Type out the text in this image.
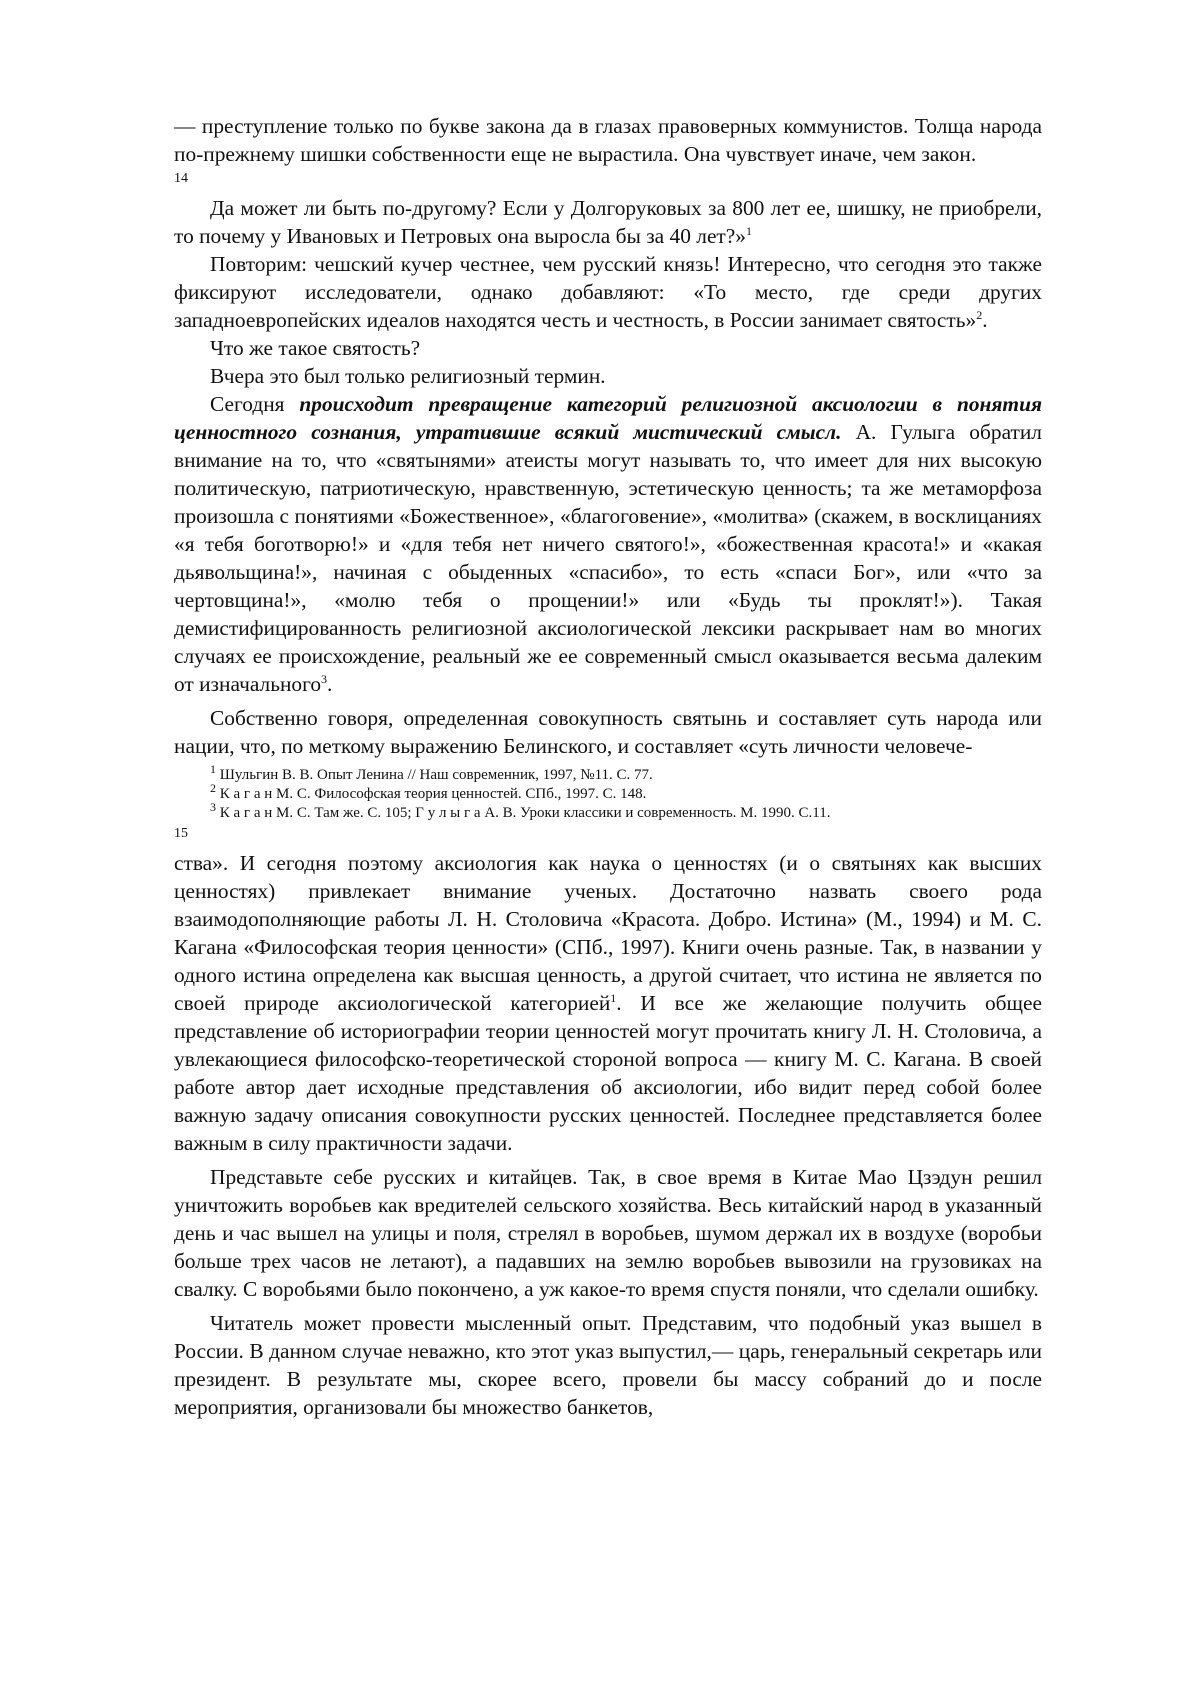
— преступление только по букве закона да в глазах правоверных коммунистов. Толща народа по-прежнему шишки собственности еще не вырастила. Она чувствует иначе, чем закон.

14

Да может ли быть по-другому? Если у Долгоруковых за 800 лет ее, шишку, не приобрели, то почему у Ивановых и Петровых она выросла бы за 40 лет?»$^1$

Повторим: чешский кучер честнее, чем русский князь! Интересно, что сегодня это также фиксируют исследователи, однако добавляют: «То место, где среди других западноевропейских идеалов находятся честь и честность, в России занимает святость»$^2$.

Что же такое святость?

Вчера это был только религиозный термин.

Сегодня происходит превращение категорий религиозной аксиологии в понятия ценностного сознания, утратившие всякий мистический смысл. А. Гулыга обратил внимание на то, что «святынями» атеисты могут называть то, что имеет для них высокую политическую, патриотическую, нравственную, эстетическую ценность; та же метаморфоза произошла с понятиями «Божественное», «благоговение», «молитва» (скажем, в восклицаниях «я тебя боготворю!» и «для тебя нет ничего святого!», «божественная красота!» и «какая дьявольщина!», начиная с обыденных «спасибо», то есть «спаси Бог», или «что за чертовщина!», «молю тебя о прощении!» или «Будь ты проклят!»). Такая демистифицированность религиозной аксиологической лексики раскрывает нам во многих случаях ее происхождение, реальный же ее современный смысл оказывается весьма далеким от изначального$^3$.

Собственно говоря, определенная совокупность святынь и составляет суть народа или нации, что, по меткому выражению Белинского, и составляет «суть личности человече-

$^1$ Шульгин В. В. Опыт Ленина // Наш современник, 1997, №11. С. 77.

$^2$ К а г а н М. С. Философская теория ценностей. СПб., 1997. С. 148.

$^3$ К а г а н М. С. Там же. С. 105; Г у л ы г а А. В. Уроки классики и современность. М. 1990. С.11.

15

ства». И сегодня поэтому аксиология как наука о ценностях (и о святынях как высших ценностях) привлекает внимание ученых. Достаточно назвать своего рода взаимодополняющие работы Л. Н. Столовича «Красота. Добро. Истина» (М., 1994) и М. С. Кагана «Философская теория ценности» (СПб., 1997). Книги очень разные. Так, в названии у одного истина определена как высшая ценность, а другой считает, что истина не является по своей природе аксиологической категорией$^1$. И все же желающие получить общее представление об историографии теории ценностей могут прочитать книгу Л. Н. Столовича, а увлекающиеся философско-теоретической стороной вопроса — книгу М. С. Кагана. В своей работе автор дает исходные представления об аксиологии, ибо видит перед собой более важную задачу описания совокупности русских ценностей. Последнее представляется более важным в силу практичности задачи.

Представьте себе русских и китайцев. Так, в свое время в Китае Мао Цзэдун решил уничтожить воробьев как вредителей сельского хозяйства. Весь китайский народ в указанный день и час вышел на улицы и поля, стрелял в воробьев, шумом держал их в воздухе (воробьи больше трех часов не летают), а падавших на землю воробьев вывозили на грузовиках на свалку. С воробьями было покончено, а уж какое-то время спустя поняли, что сделали ошибку.

Читатель может провести мысленный опыт. Представим, что подобный указ вышел в России. В данном случае неважно, кто этот указ выпустил,— царь, генеральный секретарь или президент. В результате мы, скорее всего, провели бы массу собраний до и после мероприятия, организовали бы множество банкетов,
